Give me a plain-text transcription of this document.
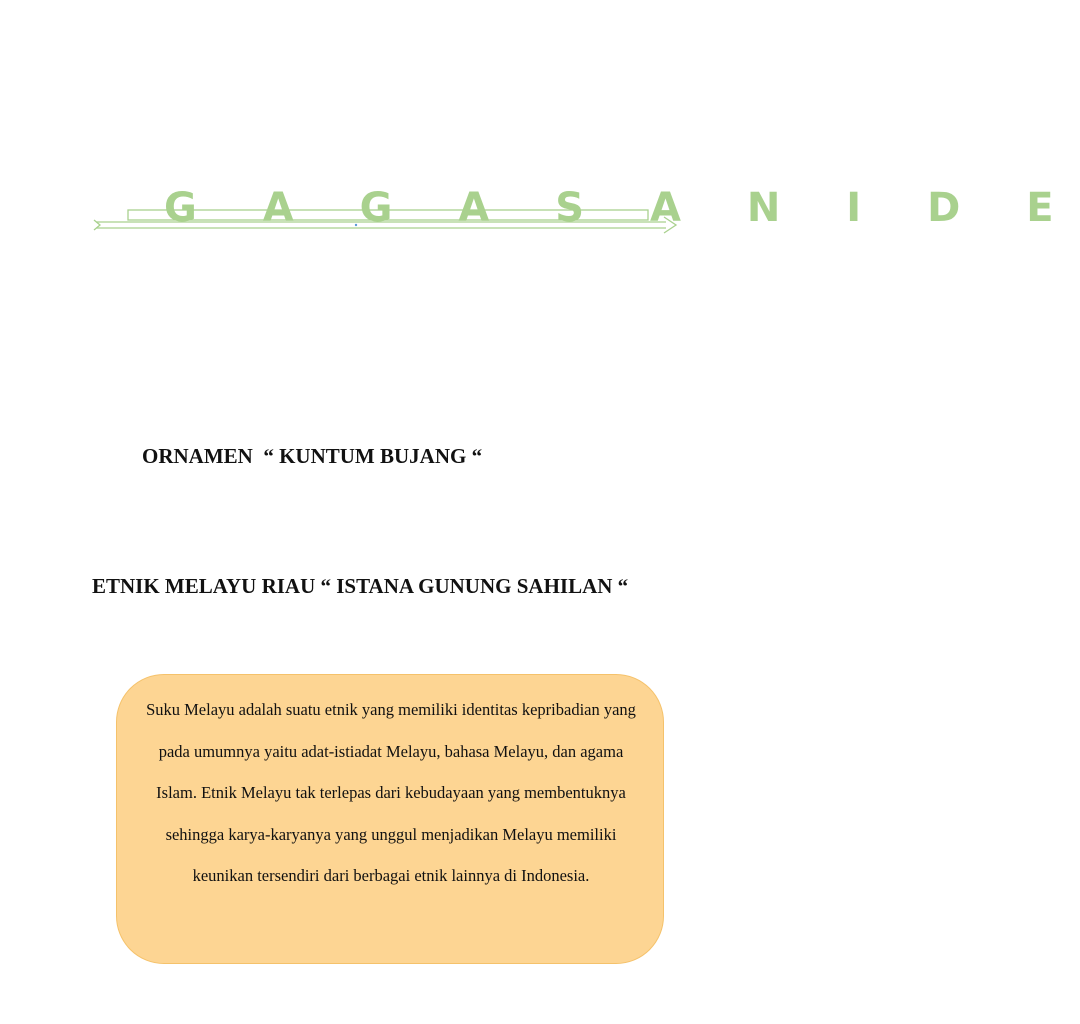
G A G A S A N I D E
ORNAMEN  “ KUNTUM BUJANG “
ETNIK MELAYU RIAU “ ISTANA GUNUNG SAHILAN “

Suku Melayu adalah suatu etnik yang memiliki identitas kepribadian yang pada umumnya yaitu adat-istiadat Melayu, bahasa Melayu, dan agama Islam. Etnik Melayu tak terlepas dari kebudayaan yang membentuknya sehingga karya-karyanya yang unggul menjadikan Melayu memiliki keunikan tersendiri dari berbagai etnik lainnya di Indonesia.
